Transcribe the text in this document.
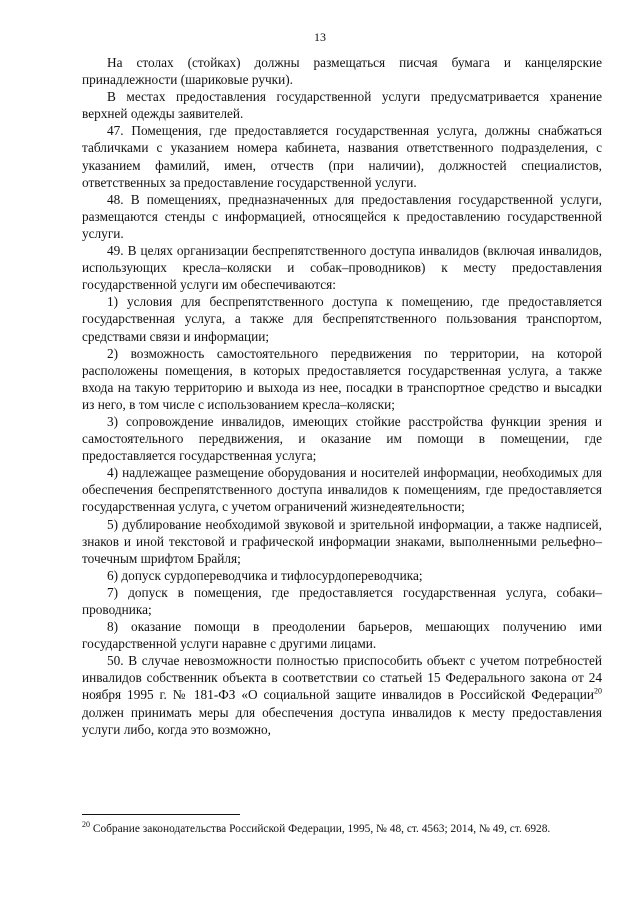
13

На столах (стойках) должны размещаться писчая бумага и канцелярские принадлежности (шариковые ручки).

В местах предоставления государственной услуги предусматривается хранение верхней одежды заявителей.

47. Помещения, где предоставляется государственная услуга, должны снабжаться табличками с указанием номера кабинета, названия ответственного подразделения, с указанием фамилий, имен, отчеств (при наличии), должностей специалистов, ответственных за предоставление государственной услуги.

48. В помещениях, предназначенных для предоставления государственной услуги, размещаются стенды с информацией, относящейся к предоставлению государственной услуги.

49. В целях организации беспрепятственного доступа инвалидов (включая инвалидов, использующих кресла–коляски и собак–проводников) к месту предоставления государственной услуги им обеспечиваются:

1) условия для беспрепятственного доступа к помещению, где предоставляется государственная услуга, а также для беспрепятственного пользования транспортом, средствами связи и информации;

2) возможность самостоятельного передвижения по территории, на которой расположены помещения, в которых предоставляется государственная услуга, а также входа на такую территорию и выхода из нее, посадки в транспортное средство и высадки из него, в том числе с использованием кресла–коляски;

3) сопровождение инвалидов, имеющих стойкие расстройства функции зрения и самостоятельного передвижения, и оказание им помощи в помещении, где предоставляется государственная услуга;

4) надлежащее размещение оборудования и носителей информации, необходимых для обеспечения беспрепятственного доступа инвалидов к помещениям, где предоставляется государственная услуга, с учетом ограничений жизнедеятельности;

5) дублирование необходимой звуковой и зрительной информации, а также надписей, знаков и иной текстовой и графической информации знаками, выполненными рельефно–точечным шрифтом Брайля;

6) допуск сурдопереводчика и тифлосурдопереводчика;

7) допуск в помещения, где предоставляется государственная услуга, собаки–проводника;

8) оказание помощи в преодолении барьеров, мешающих получению ими государственной услуги наравне с другими лицами.

50. В случае невозможности полностью приспособить объект с учетом потребностей инвалидов собственник объекта в соответствии со статьей 15 Федерального закона от 24 ноября 1995 г. № 181-ФЗ «О социальной защите инвалидов в Российской Федерации$^{20}$ должен принимать меры для обеспечения доступа инвалидов к месту предоставления услуги либо, когда это возможно,

$^{20}$ Собрание законодательства Российской Федерации, 1995, № 48, ст. 4563; 2014, № 49, ст. 6928.
